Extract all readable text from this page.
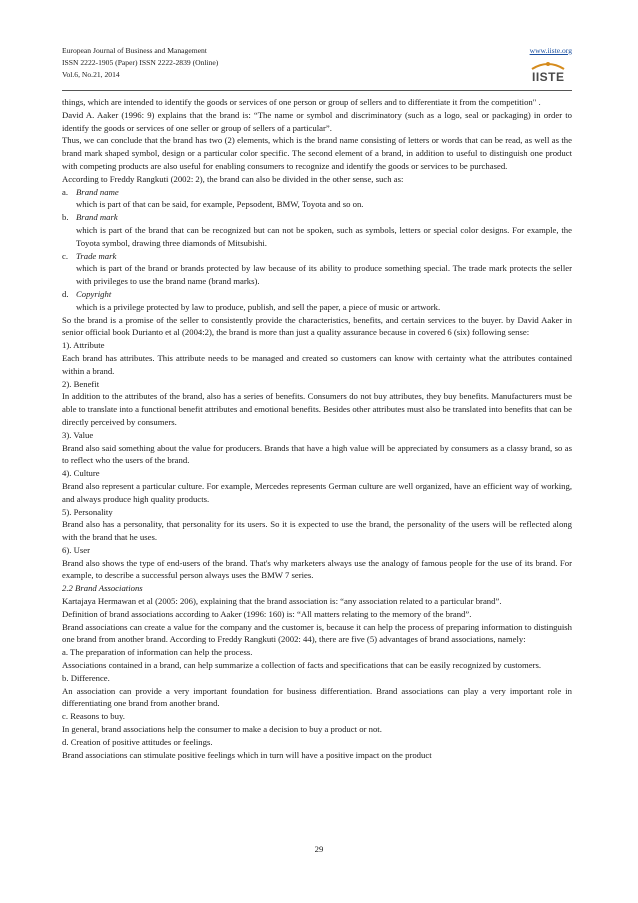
European Journal of Business and Management
ISSN 2222-1905 (Paper) ISSN 2222-2839 (Online)
Vol.6, No.21, 2014
www.iiste.org
IISTE

things, which are intended to identify the goods or services of one person or group of sellers and to differentiate it from the competition" .

David A. Aaker (1996: 9) explains that the brand is: “The name or symbol and discriminatory (such as a logo, seal or packaging) in order to identify the goods or services of one seller or group of sellers of a particular”.

Thus, we can conclude that the brand has two (2) elements, which is the brand name consisting of letters or words that can be read, as well as the brand mark shaped symbol, design or a particular color specific. The second element of a brand, in addition to useful to distinguish one product with competing products are also useful for enabling consumers to recognize and identify the goods or services to be purchased.

According to Freddy Rangkuti (2002: 2), the brand can also be divided in the other sense, such as:

a. Brand name

which is part of that can be said, for example, Pepsodent, BMW, Toyota and so on.

b. Brand mark

which is part of the brand that can be recognized but can not be spoken, such as symbols, letters or special color designs. For example, the Toyota symbol, drawing three diamonds of Mitsubishi.

c. Trade mark

which is part of the brand or brands protected by law because of its ability to produce something special. The trade mark protects the seller with privileges to use the brand name (brand marks).

d. Copyright

which is a privilege protected by law to produce, publish, and sell the paper, a piece of music or artwork.

So the brand is a promise of the seller to consistently provide the characteristics, benefits, and certain services to the buyer. by David Aaker in senior official book Durianto et al (2004:2), the brand is more than just a quality assurance because in covered 6 (six) following sense:

1). Attribute

Each brand has attributes. This attribute needs to be managed and created so customers can know with certainty what the attributes contained within a brand.

2). Benefit

In addition to the attributes of the brand, also has a series of benefits. Consumers do not buy attributes, they buy benefits. Manufacturers must be able to translate into a functional benefit attributes and emotional benefits. Besides other attributes must also be translated into benefits that can be directly perceived by consumers.

3). Value

Brand also said something about the value for producers. Brands that have a high value will be appreciated by consumers as a classy brand, so as to reflect who the users of the brand.

4). Culture

Brand also represent a particular culture. For example, Mercedes represents German culture are well organized, have an efficient way of working, and always produce high quality products.

5). Personality

Brand also has a personality, that personality for its users. So it is expected to use the brand, the personality of the users will be reflected along with the brand that he uses.

6). User

Brand also shows the type of end-users of the brand. That's why marketers always use the analogy of famous people for the use of its brand. For example, to describe a successful person always uses the BMW 7 series.

2.2 Brand Associations

Kartajaya Hermawan et al (2005: 206), explaining that the brand association is: “any association related to a particular brand”.

Definition of brand associations according to Aaker (1996: 160) is: “All matters relating to the memory of the brand”.

Brand associations can create a value for the company and the customer is, because it can help the process of preparing information to distinguish one brand from another brand. According to Freddy Rangkuti (2002: 44), there are five (5) advantages of brand associations, namely:

a. The preparation of information can help the process.

Associations contained in a brand, can help summarize a collection of facts and specifications that can be easily recognized by customers.

b. Difference.

An association can provide a very important foundation for business differentiation. Brand associations can play a very important role in differentiating one brand from another brand.

c. Reasons to buy.

In general, brand associations help the consumer to make a decision to buy a product or not.

d. Creation of positive attitudes or feelings.

Brand associations can stimulate positive feelings which in turn will have a positive impact on the product

29
